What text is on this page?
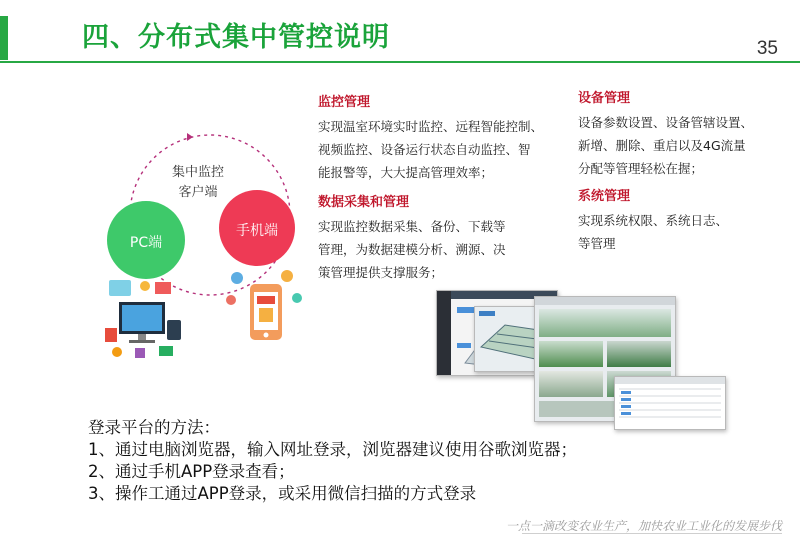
四、分布式集中管控说明	35
集中监控
客户端
PC端
手机端
监控管理
实现温室环境实时监控、远程智能控制、
视频监控、设备运行状态自动监控、智
能报警等，大大提高管理效率；
数据采集和管理
实现监控数据采集、备份、下载等
管理，为数据建模分析、溯源、决
策管理提供支撑服务；
设备管理
设备参数设置、设备管辖设置、
新增、删除、重启以及4G流量
分配等管理轻松在握；
系统管理
实现系统权限、系统日志、
等管理
登录平台的方法：
1、通过电脑浏览器，输入网址登录，浏览器建议使用谷歌浏览器；
2、通过手机APP登录查看；
3、操作工通过APP登录，或采用微信扫描的方式登录
一点一滴改变农业生产，加快农业工业化的发展步伐
